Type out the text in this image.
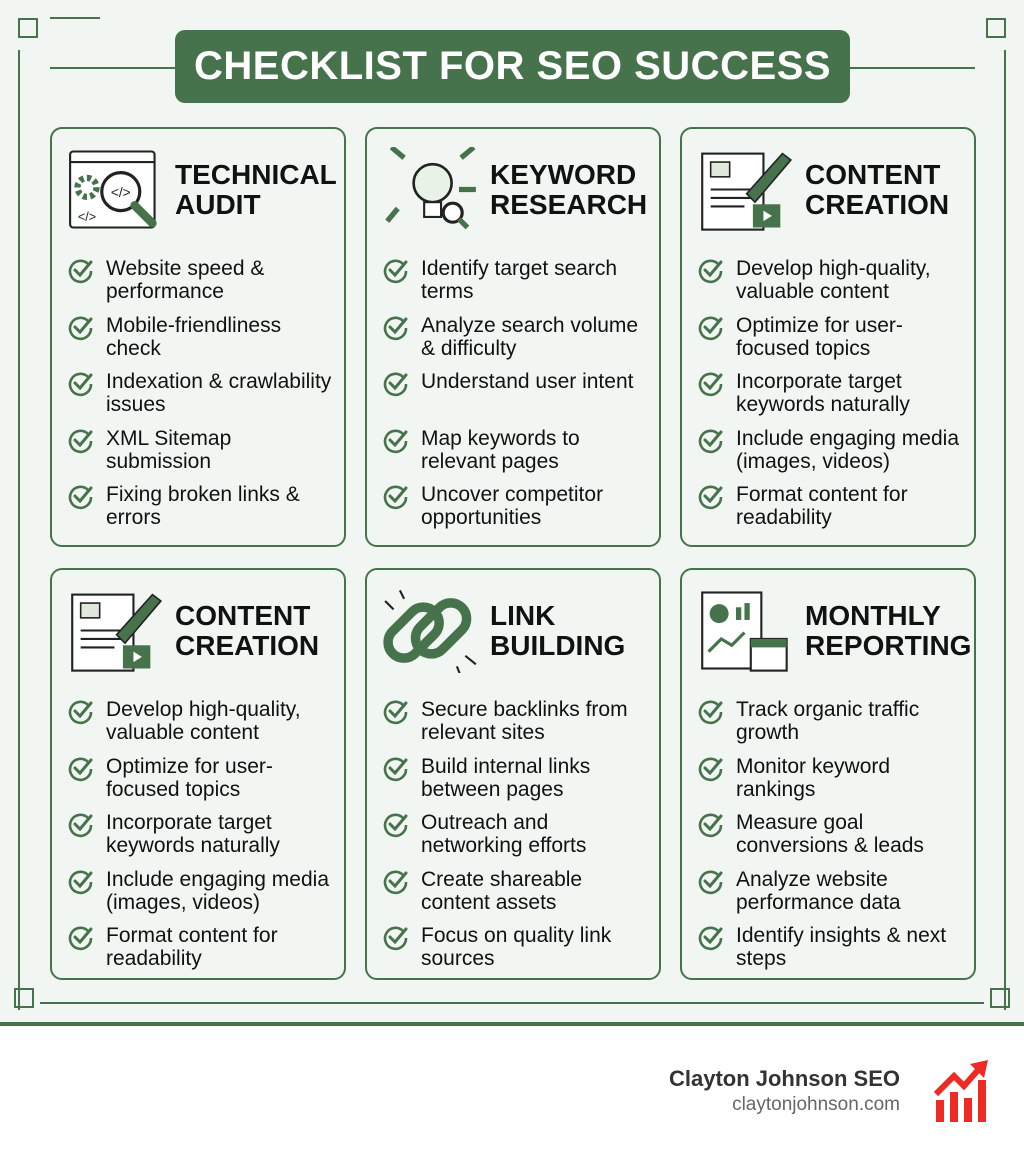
CHECKLIST FOR SEO SUCCESS
</>
</>
TECHNICAL
AUDIT
Website speed & performance
Mobile-friendliness check
Indexation & crawlability issues
XML Sitemap submission
Fixing broken links & errors
KEYWORD
RESEARCH
Identify target search terms
Analyze search volume & difficulty
Understand user intent
Map keywords to relevant pages
Uncover competitor opportunities
CONTENT
CREATION
Develop high-quality, valuable content
Optimize for user-focused topics
Incorporate target keywords naturally
Include engaging media (images, videos)
Format content for readability
CONTENT
CREATION
Develop high-quality, valuable content
Optimize for user-focused topics
Incorporate target keywords naturally
Include engaging media (images, videos)
Format content for readability
LINK
BUILDING
Secure backlinks from relevant sites
Build internal links between pages
Outreach and networking efforts
Create shareable content assets
Focus on quality link sources
MONTHLY
REPORTING
Track organic traffic growth
Monitor keyword rankings
Measure goal conversions & leads
Analyze website performance data
Identify insights & next steps
Clayton Johnson SEO
claytonjohnson.com
